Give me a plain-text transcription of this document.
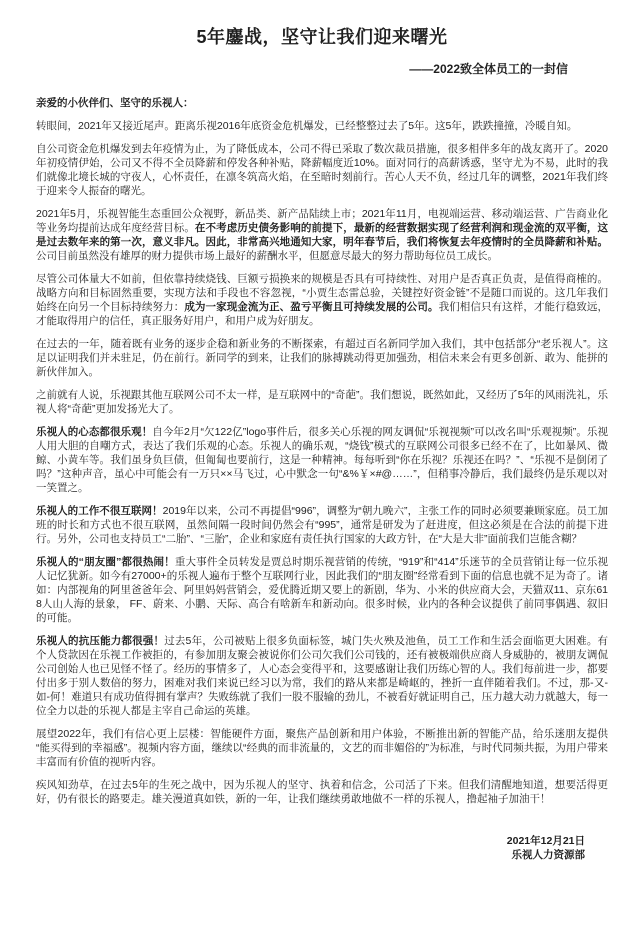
5年鏖战，坚守让我们迎来曙光
——2022致全体员工的一封信
亲爱的小伙伴们、坚守的乐视人：

转眼间，2021年又接近尾声。距离乐视2016年底资金危机爆发，已经整整过去了5年。这5年，跌跌撞撞，冷暖自知。

自公司资金危机爆发到去年疫情为止，为了降低成本，公司不得已采取了数次裁员措施，很多相伴多年的战友离开了。2020年初疫情伊始，公司又不得不全员降薪和停发各种补贴，降薪幅度近10%。面对同行的高薪诱惑，坚守尤为不易，此时的我们就像北境长城的守夜人，心怀责任，在凛冬筑高火焰，在至暗时刻前行。苦心人天不负，经过几年的调整，2021年我们终于迎来令人振奋的曙光。

2021年5月，乐视智能生态重回公众视野，新品类、新产品陆续上市；2021年11月，电视端运营、移动端运营、广告商业化等业务均提前达成年度经营目标。在不考虑历史债务影响的前提下，最新的经营数据实现了经营利润和现金流的双平衡，这是过去数年来的第一次，意义非凡。因此，非常高兴地通知大家，明年春节后，我们将恢复去年疫情时的全员降薪和补贴。公司目前虽然没有雄厚的财力提供市场上最好的薪酬水平，但愿意尽最大的努力帮助每位员工成长。

尽管公司体量大不如前，但依靠持续烧钱、巨额亏损换来的规模是否具有可持续性、对用户是否真正负责，是值得商榷的。战略方向和目标固然重要，实现方法和手段也不容忽视，“小贾生态雷总验，关键控好资金链”不是随口而说的。这几年我们始终在向另一个目标持续努力：成为一家现金流为正、盈亏平衡且可持续发展的公司。我们相信只有这样，才能行稳致远，才能取得用户的信任，真正服务好用户，和用户成为好朋友。

在过去的一年，随着既有业务的逐步企稳和新业务的不断探索，有超过百名新同学加入我们，其中包括部分“老乐视人”。这足以证明我们并未驻足，仍在前行。新同学的到来，让我们的脉搏跳动得更加强劲，相信未来会有更多创新、敢为、能拼的新伙伴加入。

之前就有人说，乐视跟其他互联网公司不太一样，是互联网中的“奇葩”。我们想说，既然如此，又经历了5年的风雨洗礼，乐视人将“奇葩”更加发扬光大了。

乐视人的心态都很乐观！自今年2月“欠122亿”logo事件后，很多关心乐视的网友调侃“乐视视频”可以改名叫“乐观视频”。乐视人用大胆的自嘲方式，表达了我们乐观的心态。乐视人的确乐观，“烧钱”模式的互联网公司很多已经不在了，比如暴风、微鲸、小黄车等。我们虽身负巨债，但匍匐也要前行，这是一种精神。每每听到“你在乐视？乐视还在吗？”、“乐视不是倒闭了吗？”这种声音，虽心中可能会有一万只××马飞过，心中默念一句“&%￥×#@……”，但稍事冷静后，我们最终仍是乐观以对一笑置之。

乐视人的工作不很互联网！2019年以来，公司不再提倡“996”，调整为“朝九晚六”，主张工作的同时必须要兼顾家庭。员工加班的时长和方式也不很互联网，虽然间隔一段时间仍然会有“995”，通常是研发为了赶进度，但这必须是在合法的前提下进行。另外，公司也支持员工“二胎”、“三胎”，企业和家庭有责任执行国家的大政方针，在“大是大非”面前我们岂能含糊？

乐视人的“朋友圈”都很热闹！重大事件全员转发是贾总时期乐视营销的传统，“919”和“414”乐迷节的全员营销让每一位乐视人记忆犹新。如今有27000+的乐视人遍布于整个互联网行业，因此我们的“朋友圈”经常看到下面的信息也就不足为奇了。诸如：内部视角的阿里爸爸年会、阿里妈妈营销会，爱优腾近期又要上的新剧，华为、小米的供应商大会，天猫双11、京东618人山人海的景象， FF、蔚来、小鹏、天际、高合有啥新车和新动向。很多时候，业内的各种会议提供了前同事偶遇、叙旧的可能。

乐视人的抗压能力都很强！过去5年，公司被贴上很多负面标签，城门失火殃及池鱼，员工工作和生活会面临更大困难。有个人贷款因在乐视工作被拒的，有参加朋友聚会被说你们公司欠我们公司钱的，还有被极端供应商人身威胁的，被朋友调侃公司创始人也已见怪不怪了。经历的事情多了，人心态会变得平和，这要感谢让我们历练心智的人。我们每前进一步，都要付出多于别人数倍的努力，困难对我们来说已经习以为常，我们的路从来都是崎岖的，挫折一直伴随着我们。不过，那-又-如-何！难道只有成功值得拥有掌声？失败练就了我们一股不服输的劲儿，不被看好就证明自己，压力越大动力就越大，每一位全力以赴的乐视人都是主宰自己命运的英雄。

展望2022年，我们有信心更上层楼：智能硬件方面，聚焦产品创新和用户体验，不断推出新的智能产品，给乐迷朋友提供“能买得到的幸福感”。视频内容方面，继续以“经典的而非流量的，文艺的而非媚俗的”为标准，与时代同频共振，为用户带来丰富而有价值的视听内容。

疾风知劲草，在过去5年的生死之战中，因为乐视人的坚守、执着和信念，公司活了下来。但我们清醒地知道，想要活得更好，仍有很长的路要走。雄关漫道真如铁，新的一年，让我们继续勇敢地做不一样的乐视人，撸起袖子加油干！

2021年12月21日
乐视人力资源部
